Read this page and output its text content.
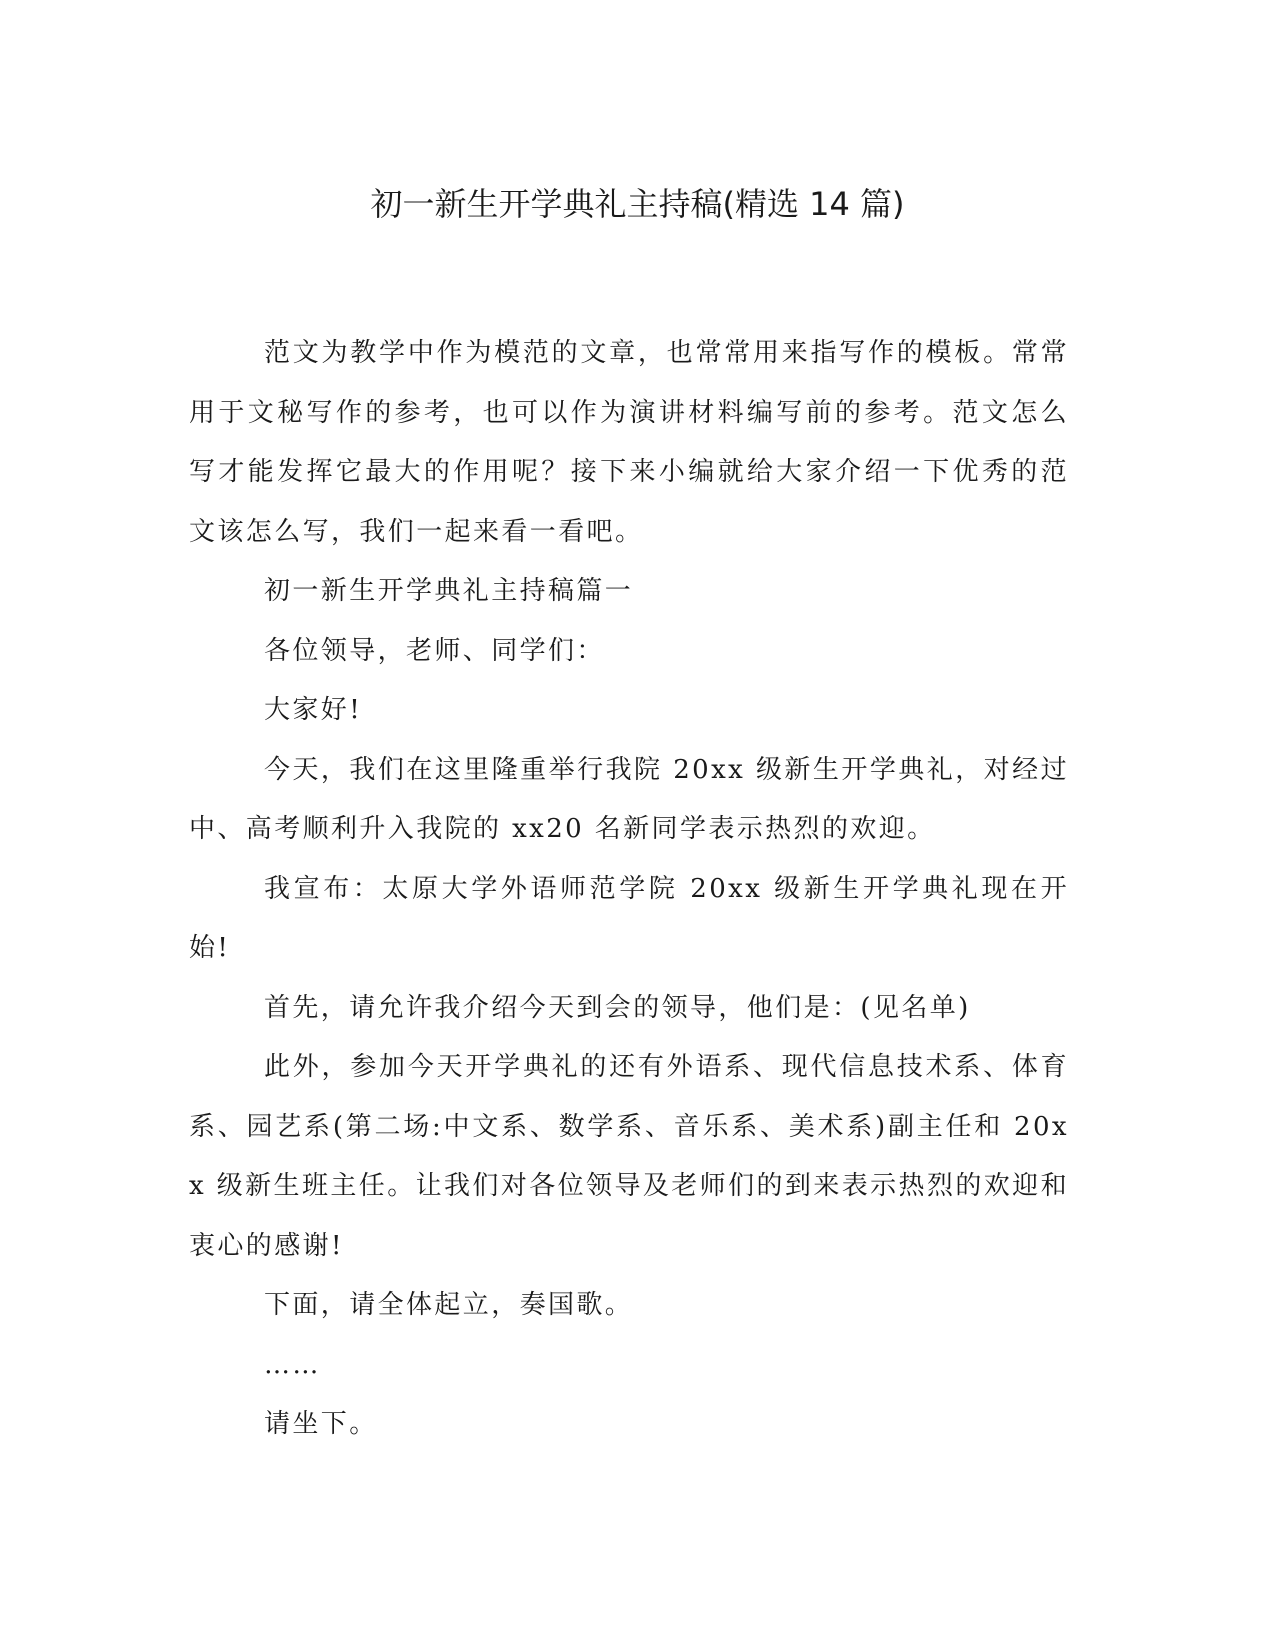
初一新生开学典礼主持稿(精选 14 篇)

范文为教学中作为模范的文章，也常常用来指写作的模板。常常用于文秘写作的参考，也可以作为演讲材料编写前的参考。范文怎么写才能发挥它最大的作用呢？接下来小编就给大家介绍一下优秀的范文该怎么写，我们一起来看一看吧。

初一新生开学典礼主持稿篇一

各位领导，老师、同学们：

大家好!

今天，我们在这里隆重举行我院 20xx 级新生开学典礼，对经过中、高考顺利升入我院的 xx20 名新同学表示热烈的欢迎。

我宣布：太原大学外语师范学院 20xx 级新生开学典礼现在开始!

首先，请允许我介绍今天到会的领导，他们是：(见名单)

此外，参加今天开学典礼的还有外语系、现代信息技术系、体育系、园艺系(第二场:中文系、数学系、音乐系、美术系)副主任和 20xx 级新生班主任。让我们对各位领导及老师们的到来表示热烈的欢迎和衷心的感谢!

下面，请全体起立，奏国歌。

……

请坐下。
